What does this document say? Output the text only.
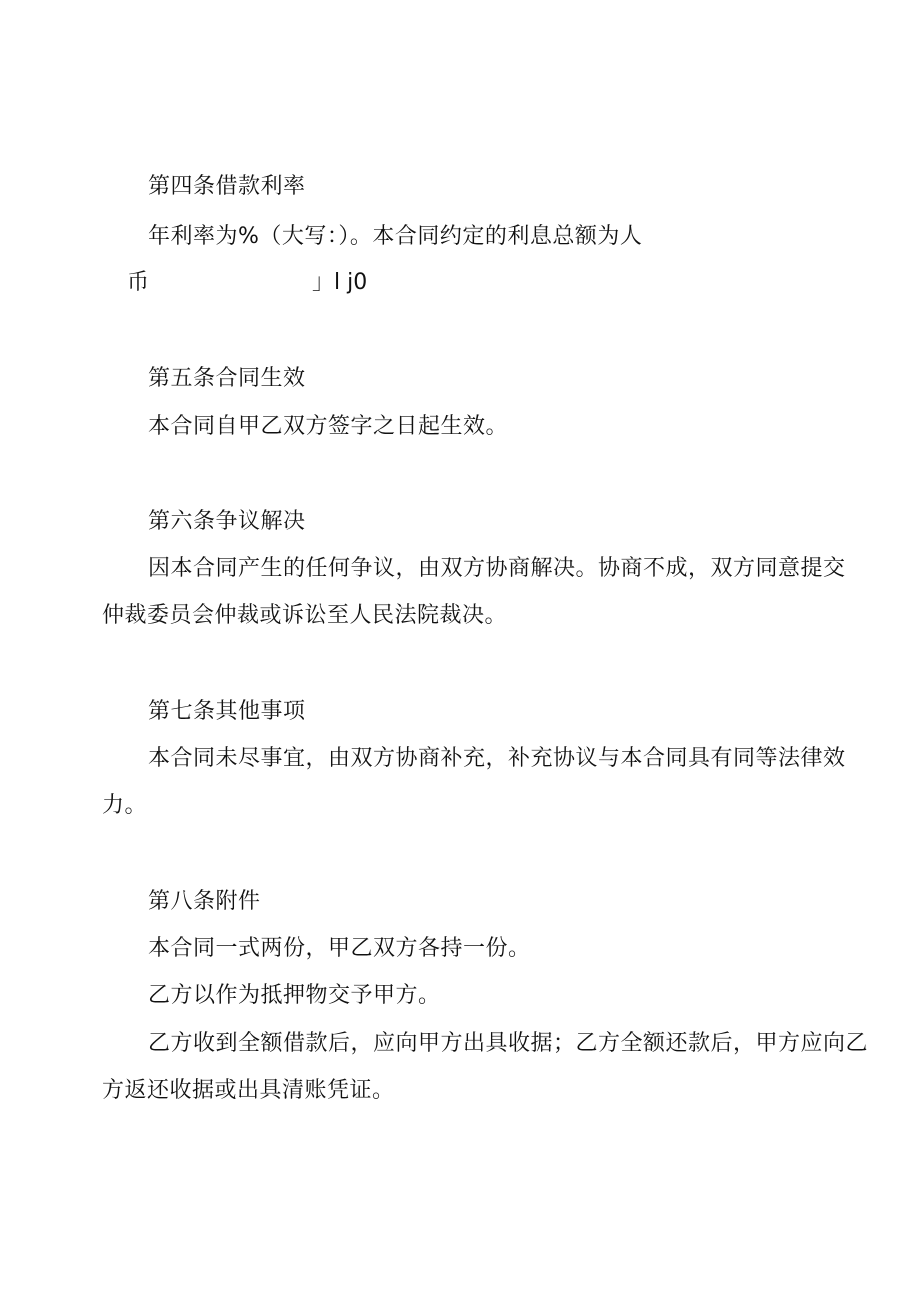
第四条借款利率
年利率为%（大写：）。本合同约定的利息总额为人
币	」l j0
第五条合同生效
本合同自甲乙双方签字之日起生效。
第六条争议解决
因本合同产生的任何争议，由双方协商解决。协商不成，双方同意提交
仲裁委员会仲裁或诉讼至人民法院裁决。
第七条其他事项
本合同未尽事宜，由双方协商补充，补充协议与本合同具有同等法律效
力。
第八条附件
本合同一式两份，甲乙双方各持一份。
乙方以作为抵押物交予甲方。
乙方收到全额借款后，应向甲方出具收据；乙方全额还款后，甲方应向乙
方返还收据或出具清账凭证。
